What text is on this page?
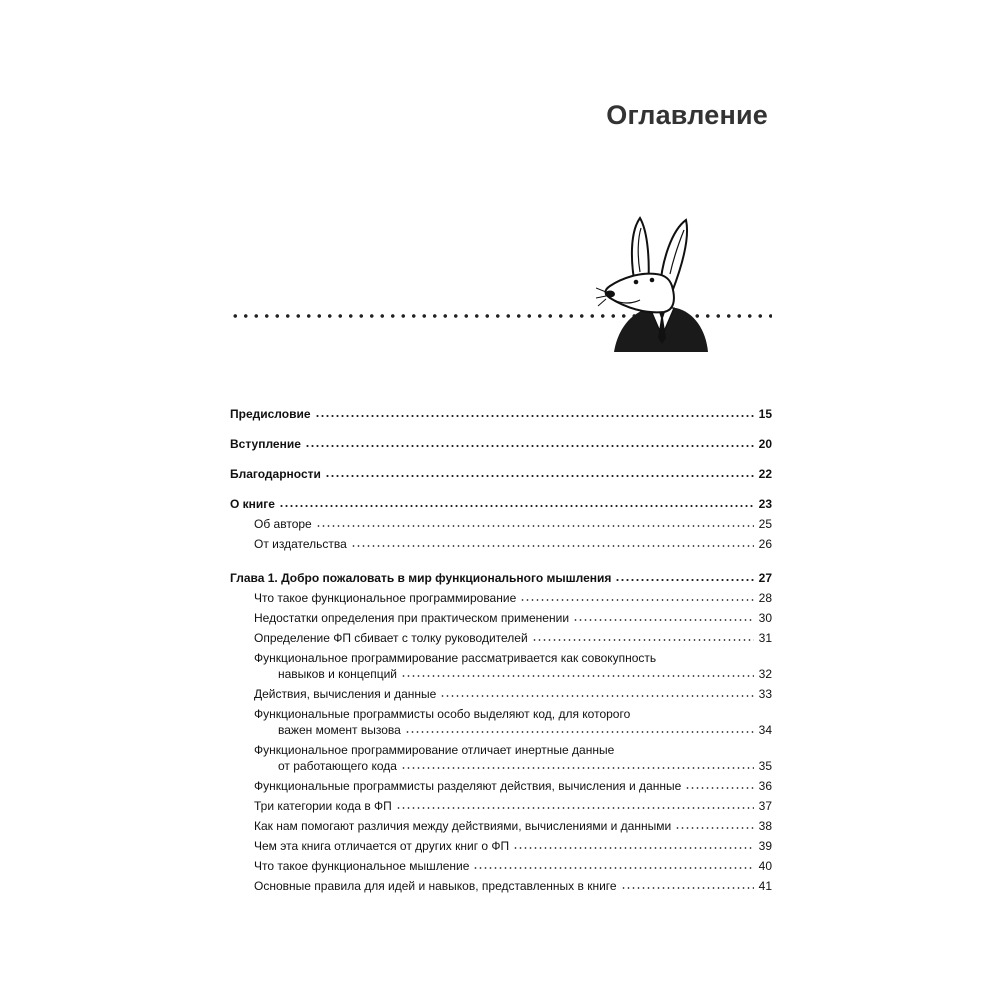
Оглавление
Предисловие	15
Вступление	20
Благодарности	22
О книге	23
Об авторе	25
От издательства	26
Глава 1. Добро пожаловать в мир функционального мышления	27
Что такое функциональное программирование	28
Недостатки определения при практическом применении	30
Определение ФП сбивает с толку руководителей	31
Функциональное программирование рассматривается как совокупность
навыков и концепций	32
Действия, вычисления и данные	33
Функциональные программисты особо выделяют код, для которого
важен момент вызова	34
Функциональное программирование отличает инертные данные
от работающего кода	35
Функциональные программисты разделяют действия, вычисления и данные	36
Три категории кода в ФП	37
Как нам помогают различия между действиями, вычислениями и данными	38
Чем эта книга отличается от других книг о ФП	39
Что такое функциональное мышление	40
Основные правила для идей и навыков, представленных в книге	41
